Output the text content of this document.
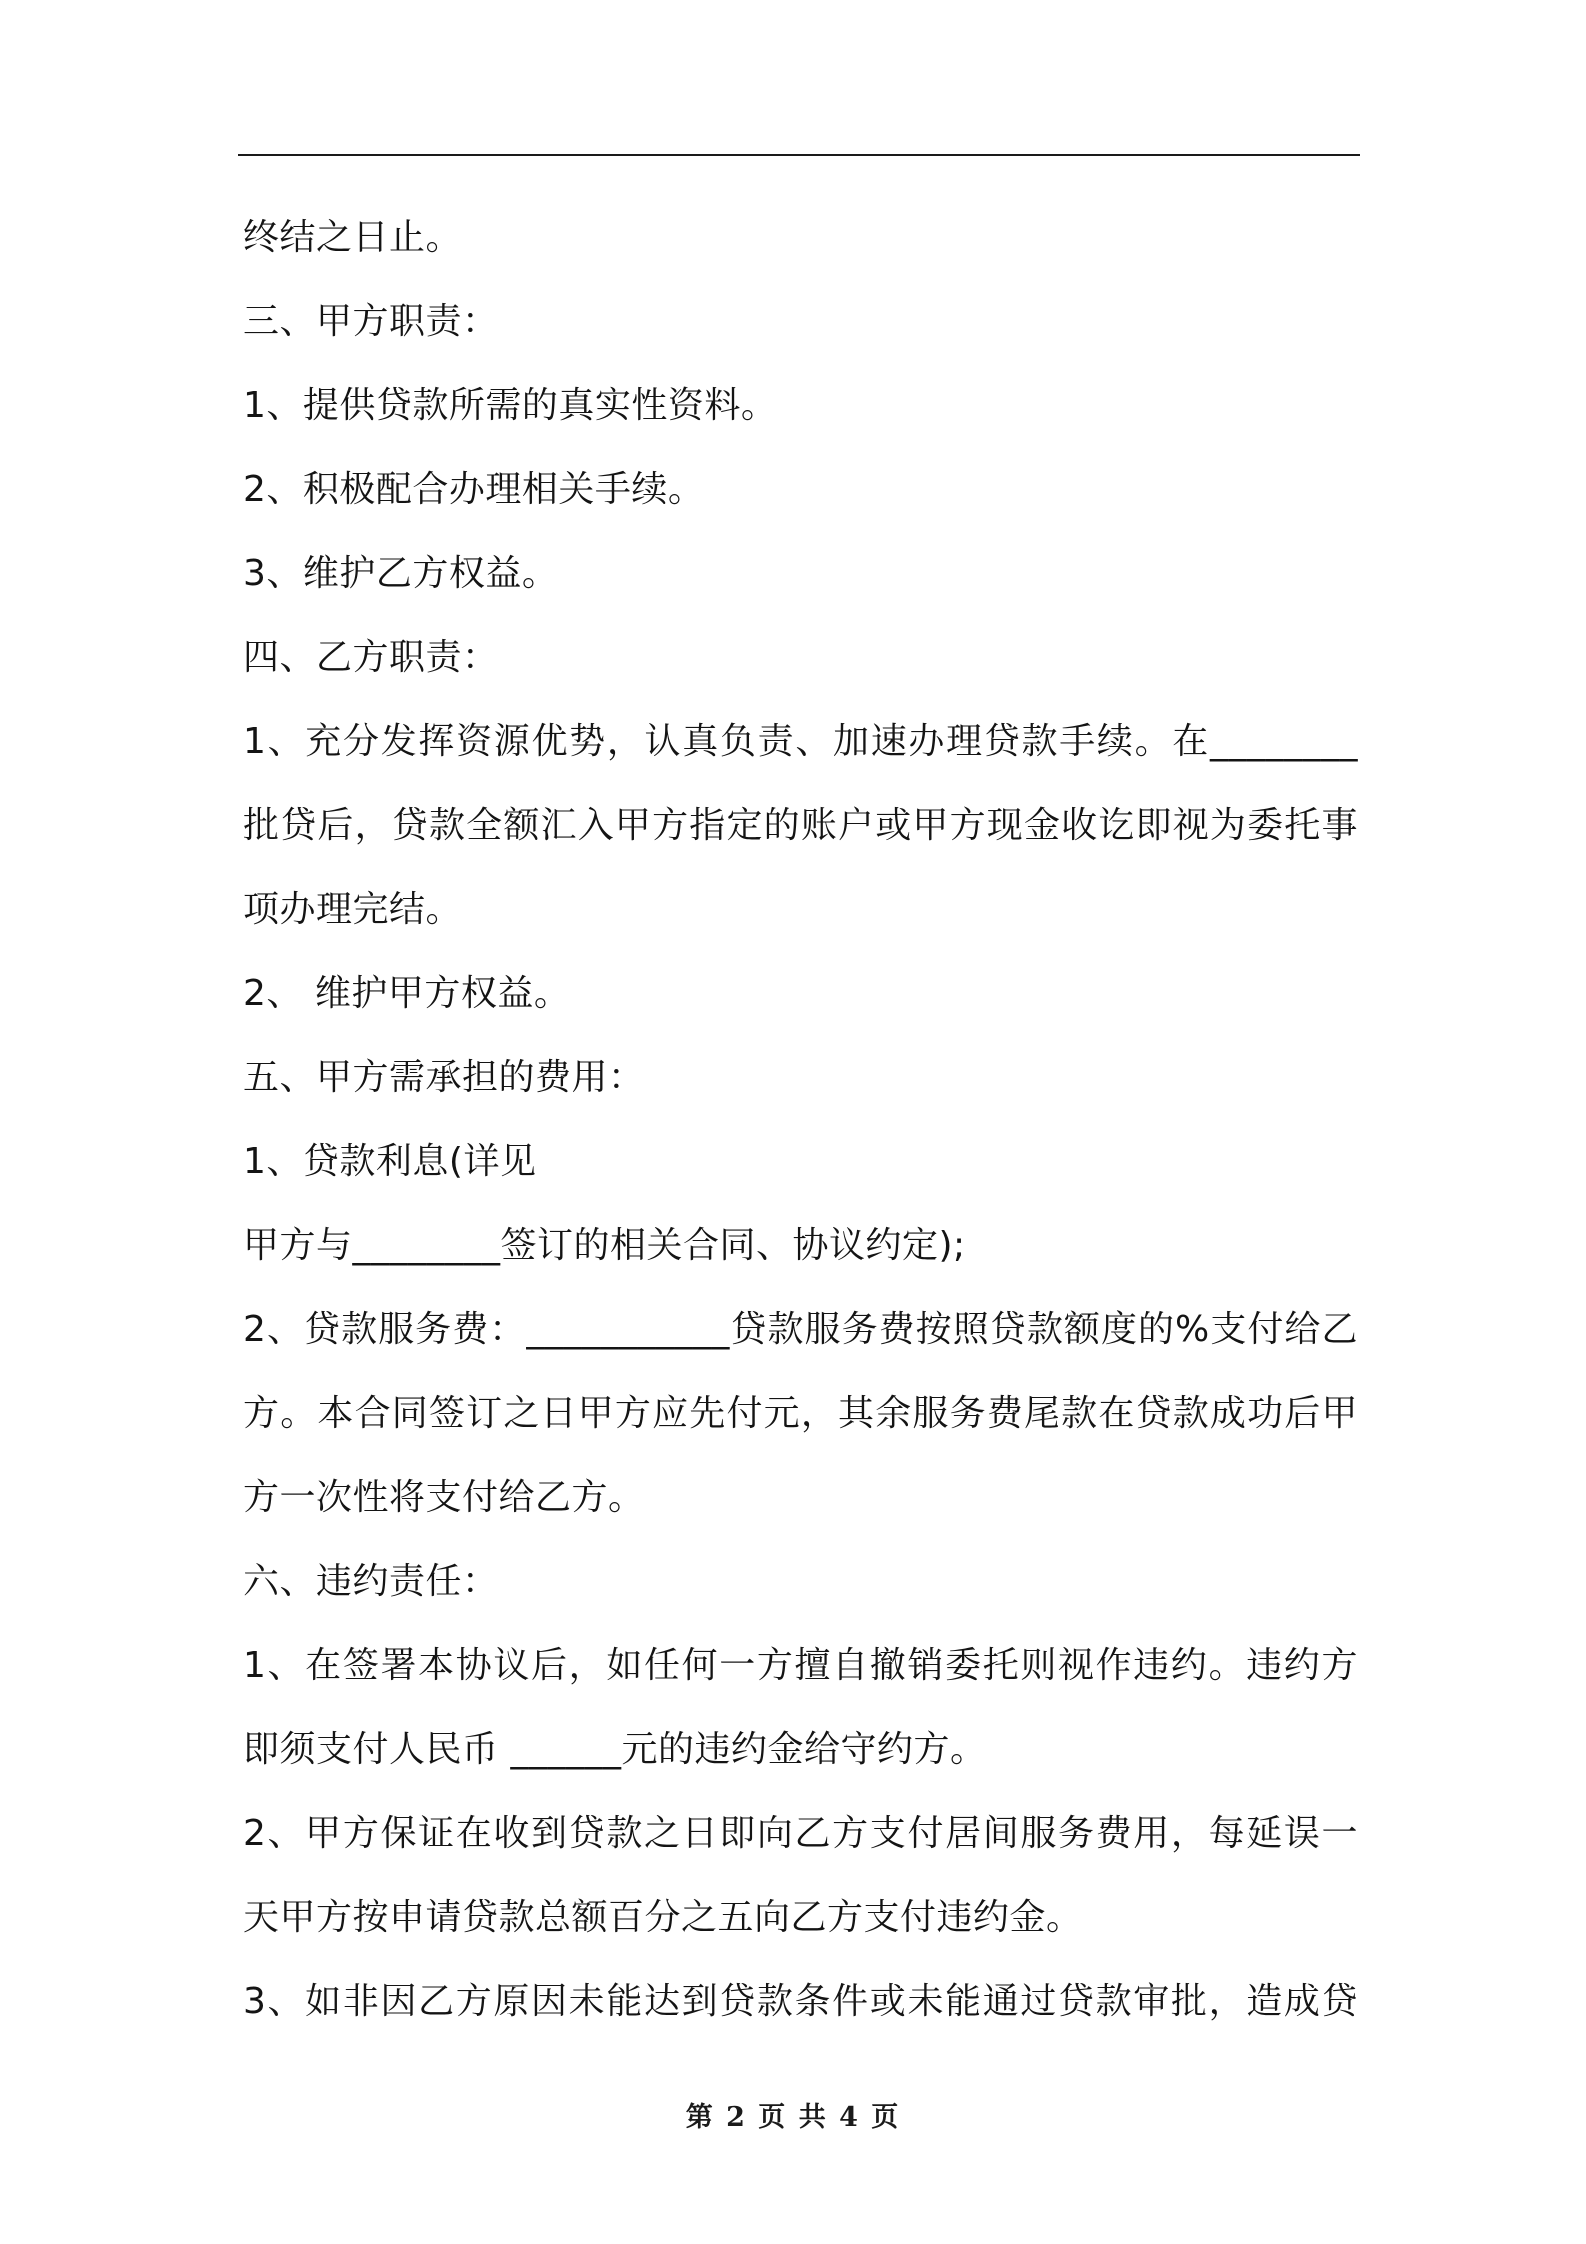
终结之日止。
三、甲方职责：
1、提供贷款所需的真实性资料。
2、积极配合办理相关手续。
3、维护乙方权益。
四、乙方职责：
1、充分发挥资源优势，认真负责、加速办理贷款手续。在________
批贷后，贷款全额汇入甲方指定的账户或甲方现金收讫即视为委托事
项办理完结。
2、 维护甲方权益。
五、甲方需承担的费用：
1、贷款利息(详见
甲方与________签订的相关合同、协议约定);
2、贷款服务费：___________贷款服务费按照贷款额度的%支付给乙
方。本合同签订之日甲方应先付元，其余服务费尾款在贷款成功后甲
方一次性将支付给乙方。
六、违约责任：
1、在签署本协议后，如任何一方擅自撤销委托则视作违约。违约方
即须支付人民币 ______元的违约金给守约方。
2、甲方保证在收到贷款之日即向乙方支付居间服务费用，每延误一
天甲方按申请贷款总额百分之五向乙方支付违约金。
3、如非因乙方原因未能达到贷款条件或未能通过贷款审批，造成贷
第 2 页 共 4 页
